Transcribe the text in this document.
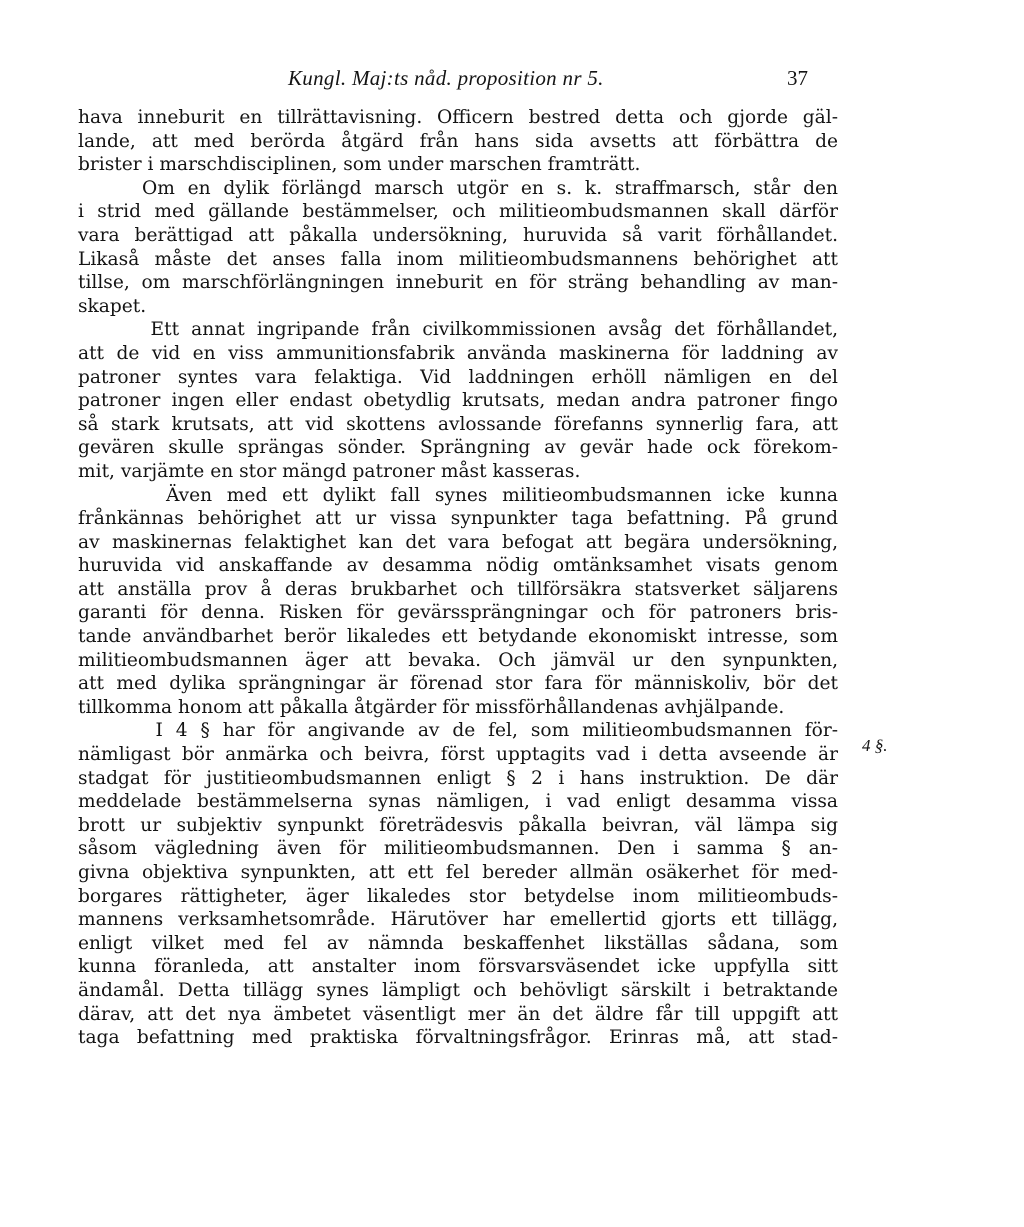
Kungl. Maj:ts nåd. proposition nr 5.	37
hava inneburit en tillrättavisning. Officern bestred detta och gjorde gäl-
lande, att med berörda åtgärd från hans sida avsetts att förbättra de
brister i marschdisciplinen, som under marschen framträtt.
Om en dylik förlängd marsch utgör en s. k. straffmarsch, står den
i strid med gällande bestämmelser, och militieombudsmannen skall därför
vara berättigad att påkalla undersökning, huruvida så varit förhållandet.
Likaså måste det anses falla inom militieombudsmannens behörighet att
tillse, om marschförlängningen inneburit en för sträng behandling av man-
skapet.
Ett annat ingripande från civilkommissionen avsåg det förhållandet,
att de vid en viss ammunitionsfabrik använda maskinerna för laddning av
patroner syntes vara felaktiga. Vid laddningen erhöll nämligen en del
patroner ingen eller endast obetydlig krutsats, medan andra patroner fingo
så stark krutsats, att vid skottens avlossande förefanns synnerlig fara, att
gevären skulle sprängas sönder. Sprängning av gevär hade ock förekom-
mit, varjämte en stor mängd patroner måst kasseras.
Även med ett dylikt fall synes militieombudsmannen icke kunna
frånkännas behörighet att ur vissa synpunkter taga befattning. På grund
av maskinernas felaktighet kan det vara befogat att begära undersökning,
huruvida vid anskaffande av desamma nödig omtänksamhet visats genom
att anställa prov å deras brukbarhet och tillförsäkra statsverket säljarens
garanti för denna. Risken för gevärssprängningar och för patroners bris-
tande användbarhet berör likaledes ett betydande ekonomiskt intresse, som
militieombudsmannen äger att bevaka. Och jämväl ur den synpunkten,
att med dylika sprängningar är förenad stor fara för människoliv, bör det
tillkomma honom att påkalla åtgärder för missförhållandenas avhjälpande.
I 4 § har för angivande av de fel, som militieombudsmannen för-
nämligast bör anmärka och beivra, först upptagits vad i detta avseende är
stadgat för justitieombudsmannen enligt § 2 i hans instruktion. De där
meddelade bestämmelserna synas nämligen, i vad enligt desamma vissa
brott ur subjektiv synpunkt företrädesvis påkalla beivran, väl lämpa sig
såsom vägledning även för militieombudsmannen. Den i samma § an-
givna objektiva synpunkten, att ett fel bereder allmän osäkerhet för med-
borgares rättigheter, äger likaledes stor betydelse inom militieombuds-
mannens verksamhetsområde. Härutöver har emellertid gjorts ett tillägg,
enligt vilket med fel av nämnda beskaffenhet likställas sådana, som
kunna föranleda, att anstalter inom försvarsväsendet icke uppfylla sitt
ändamål. Detta tillägg synes lämpligt och behövligt särskilt i betraktande
därav, att det nya ämbetet väsentligt mer än det äldre får till uppgift att
taga befattning med praktiska förvaltningsfrågor. Erinras må, att stad-
4 §.
